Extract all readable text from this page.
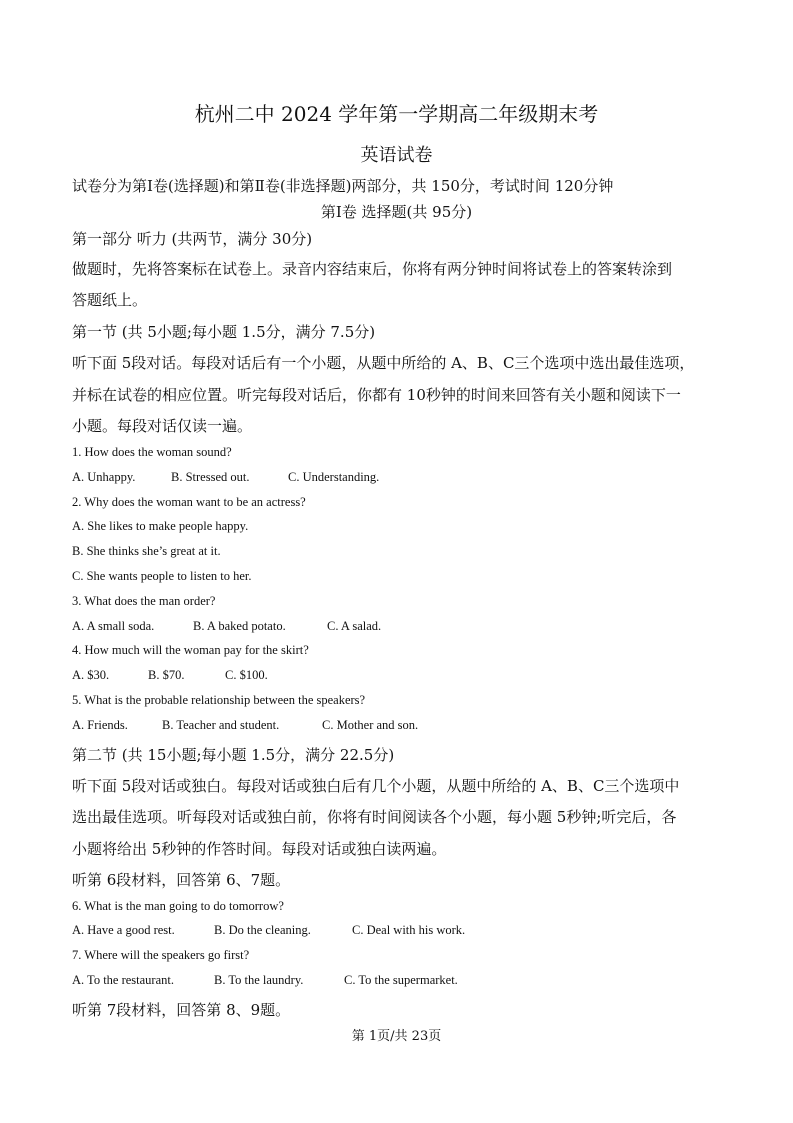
杭州二中 2024 学年第一学期高二年级期末考
英语试卷
试卷分为第Ⅰ卷(选择题)和第Ⅱ卷(非选择题)两部分，共 150分，考试时间 120分钟
第Ⅰ卷 选择题(共 95分)
第一部分 听力 (共两节，满分 30分)
做题时，先将答案标在试卷上。录音内容结束后，你将有两分钟时间将试卷上的答案转涂到
答题纸上。
第一节 (共 5小题;每小题 1.5分，满分 7.5分)
听下面 5段对话。每段对话后有一个小题，从题中所给的 A、B、C三个选项中选出最佳选项，
并标在试卷的相应位置。听完每段对话后，你都有 10秒钟的时间来回答有关小题和阅读下一
小题。每段对话仅读一遍。
1. How does the woman sound?
A. Unhappy.	B. Stressed out.	C. Understanding.
2. Why does the woman want to be an actress?
A. She likes to make people happy.
B. She thinks she’s great at it.
C. She wants people to listen to her.
3. What does the man order?
A. A small soda.	B. A baked potato.	C. A salad.
4. How much will the woman pay for the skirt?
A. $30.	B. $70.	C. $100.
5. What is the probable relationship between the speakers?
A. Friends.	B. Teacher and student.	C. Mother and son.
第二节 (共 15小题;每小题 1.5分，满分 22.5分)
听下面 5段对话或独白。每段对话或独白后有几个小题，从题中所给的 A、B、C三个选项中
选出最佳选项。听每段对话或独白前，你将有时间阅读各个小题，每小题 5秒钟;听完后，各
小题将给出 5秒钟的作答时间。每段对话或独白读两遍。
听第 6段材料，回答第 6、7题。
6. What is the man going to do tomorrow?
A. Have a good rest.	B. Do the cleaning.	C. Deal with his work.
7. Where will the speakers go first?
A. To the restaurant.	B. To the laundry.	C. To the supermarket.
听第 7段材料，回答第 8、9题。
第 1页/共 23页
